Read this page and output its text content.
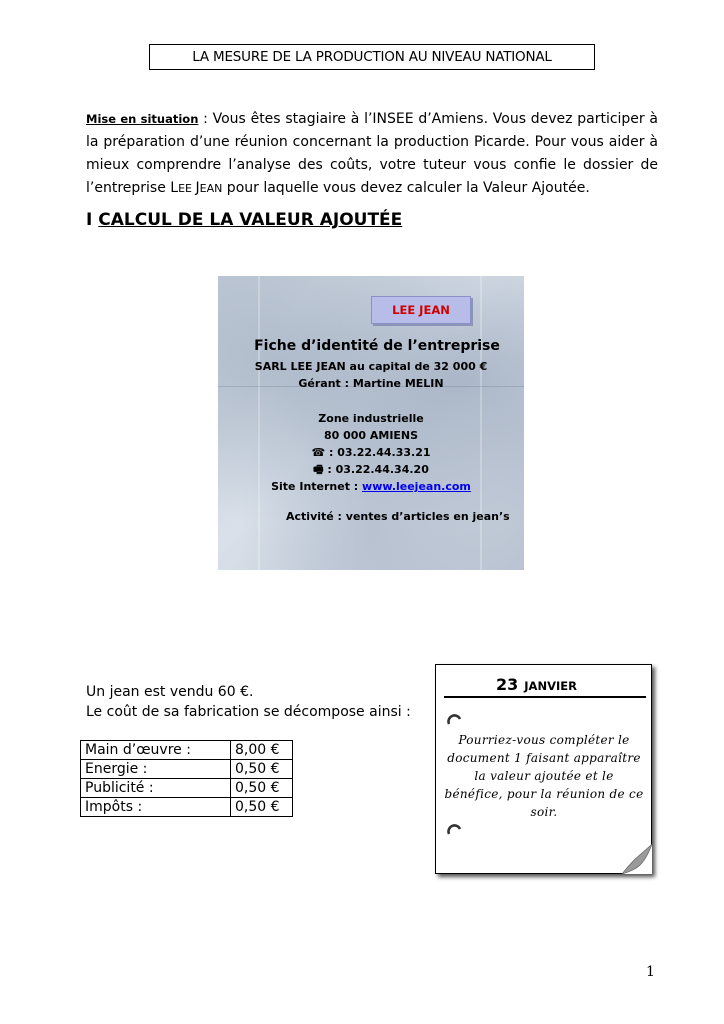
LA MESURE DE LA PRODUCTION AU NIVEAU NATIONAL
Mise en situation : Vous êtes stagiaire à l’INSEE d’Amiens. Vous devez participer à la préparation d’une réunion concernant la production Picarde. Pour vous aider à mieux comprendre l’analyse des coûts, votre tuteur vous confie le dossier de l’entreprise LEE JEAN pour laquelle vous devez calculer la Valeur Ajoutée.
I CALCUL DE LA VALEUR AJOUTÉE
LEE JEAN
Fiche d’identité de l’entreprise
SARL LEE JEAN au capital de 32 000 €
Gérant : Martine MELIN
Zone industrielle
80 000 AMIENS
☎ : 03.22.44.33.21
🖷 : 03.22.44.34.20
Site Internet : www.leejean.com
Activité : ventes d’articles en jean’s
Un jean est vendu 60 €.
Le coût de sa fabrication se décompose ainsi :
Main d’œuvre :	8,00 €
Energie :	0,50 €
Publicité :	0,50 €
Impôts :	0,50 €
23 JANVIER
Pourriez-vous compléter le document 1 faisant apparaître la valeur ajoutée et le bénéfice, pour la réunion de ce soir.
1
